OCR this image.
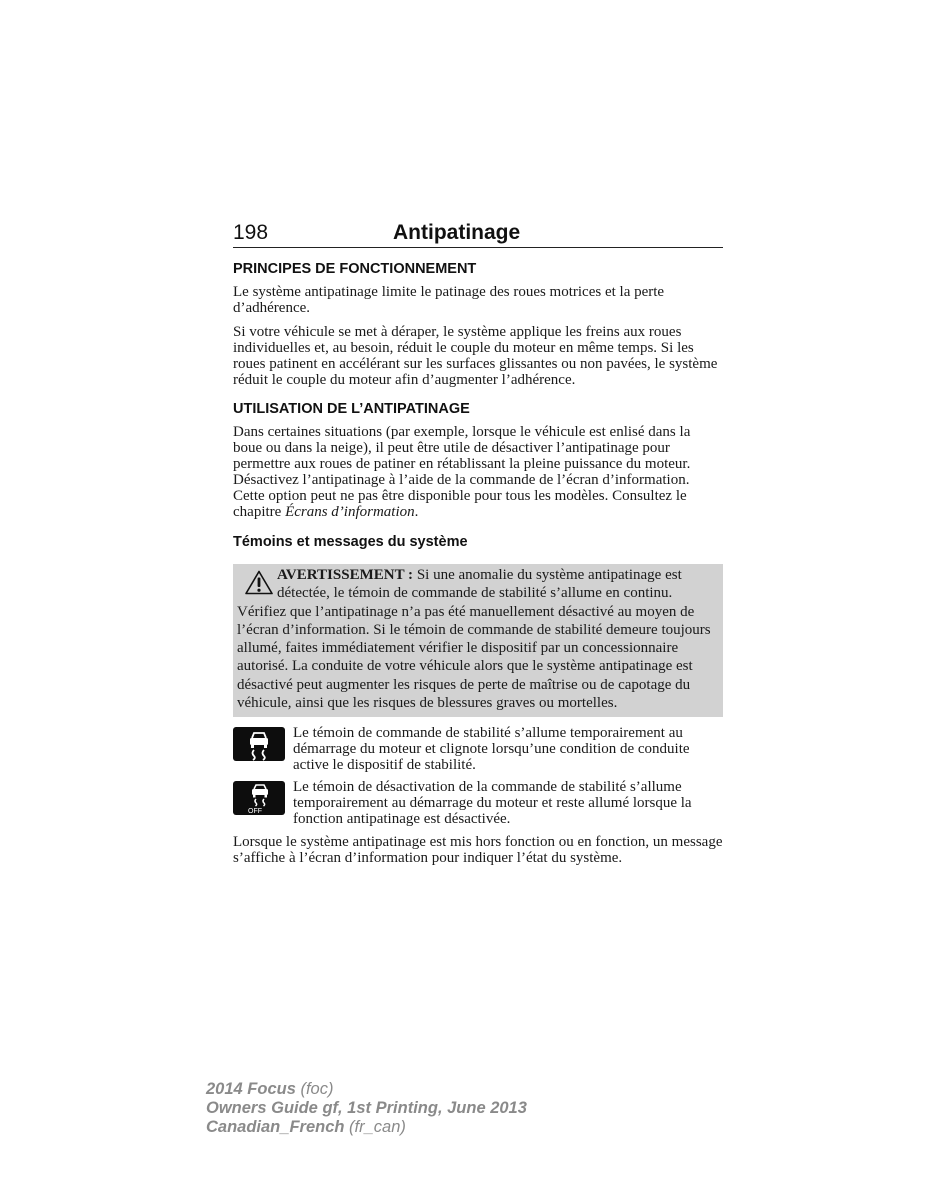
198	Antipatinage
PRINCIPES DE FONCTIONNEMENT

Le système antipatinage limite le patinage des roues motrices et la perte d’adhérence.

Si votre véhicule se met à déraper, le système applique les freins aux roues individuelles et, au besoin, réduit le couple du moteur en même temps. Si les roues patinent en accélérant sur les surfaces glissantes ou non pavées, le système réduit le couple du moteur afin d’augmenter l’adhérence.

UTILISATION DE L’ANTIPATINAGE

Dans certaines situations (par exemple, lorsque le véhicule est enlisé dans la boue ou dans la neige), il peut être utile de désactiver l’antipatinage pour permettre aux roues de patiner en rétablissant la pleine puissance du moteur. Désactivez l’antipatinage à l’aide de la commande de l’écran d’information. Cette option peut ne pas être disponible pour tous les modèles. Consultez le chapitre Écrans d’information.

Témoins et messages du système
AVERTISSEMENT : Si une anomalie du système antipatinage est détectée, le témoin de commande de stabilité s’allume en continu. Vérifiez que l’antipatinage n’a pas été manuellement désactivé au moyen de l’écran d’information. Si le témoin de commande de stabilité demeure toujours allumé, faites immédiatement vérifier le dispositif par un concessionnaire autorisé. La conduite de votre véhicule alors que le système antipatinage est désactivé peut augmenter les risques de perte de maîtrise ou de capotage du véhicule, ainsi que les risques de blessures graves ou mortelles.

Le témoin de commande de stabilité s’allume temporairement au démarrage du moteur et clignote lorsqu’une condition de conduite active le dispositif de stabilité.

OFF

Le témoin de désactivation de la commande de stabilité s’allume temporairement au démarrage du moteur et reste allumé lorsque la fonction antipatinage est désactivée.

Lorsque le système antipatinage est mis hors fonction ou en fonction, un message s’affiche à l’écran d’information pour indiquer l’état du système.

2014 Focus (foc)
Owners Guide gf, 1st Printing, June 2013
Canadian_French (fr_can)
